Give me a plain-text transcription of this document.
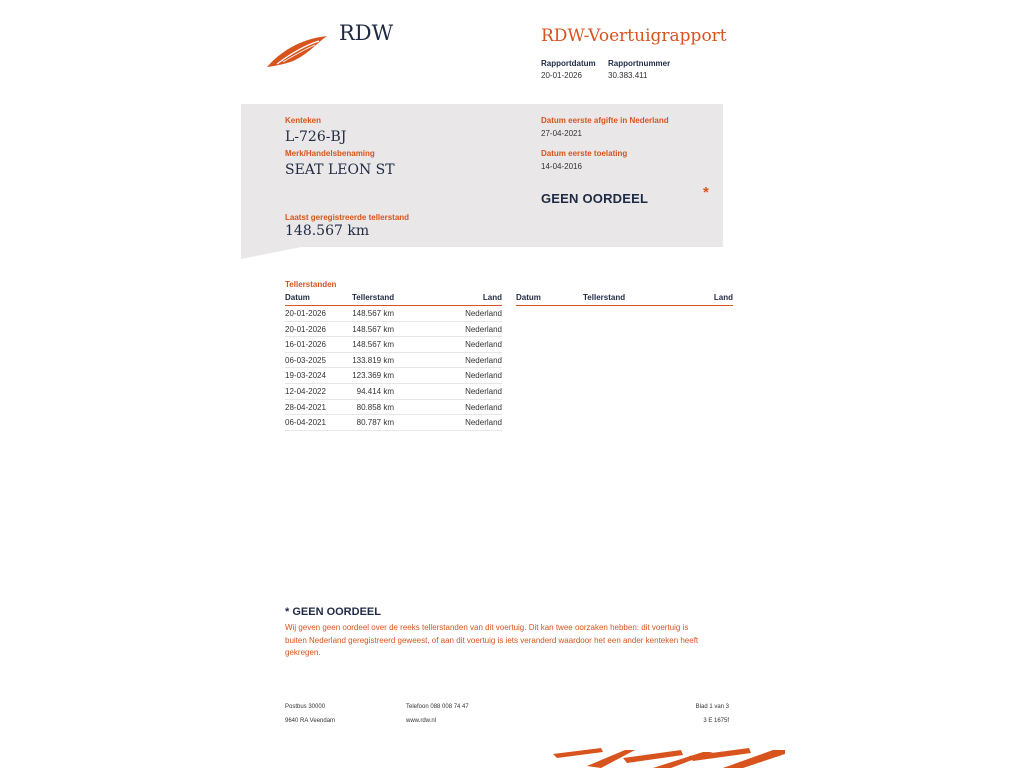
RDW	RDW-Voertuigrapport
Rapportdatum
20-01-2026
Rapportnummer
30.383.411
Kenteken
L-726-BJ
Merk/Handelsbenaming
SEAT LEON ST
Laatst geregistreerde tellerstand
148.567 km
Datum eerste afgifte in Nederland
27-04-2021
Datum eerste toelating
14-04-2016
GEEN OORDEEL	*
Tellerstanden
Datum	Tellerstand	Land
20-01-2026	148.567 km	Nederland
20-01-2026	148.567 km	Nederland
16-01-2026	148.567 km	Nederland
06-03-2025	133.819 km	Nederland
19-03-2024	123.369 km	Nederland
12-04-2022	94.414 km	Nederland
28-04-2021	80.858 km	Nederland
06-04-2021	80.787 km	Nederland
Datum	Tellerstand	Land
* GEEN OORDEEL
Wij geven geen oordeel over de reeks tellerstanden van dit voertuig. Dit kan twee oorzaken hebben: dit voertuig is buiten Nederland geregistreerd geweest, of aan dit voertuig is iets veranderd waardoor het een ander kenteken heeft gekregen.
Postbus 30000
9640 RA Veendam
Telefoon 088 008 74 47
www.rdw.nl
Blad 1 van 3
3 E 1675f
